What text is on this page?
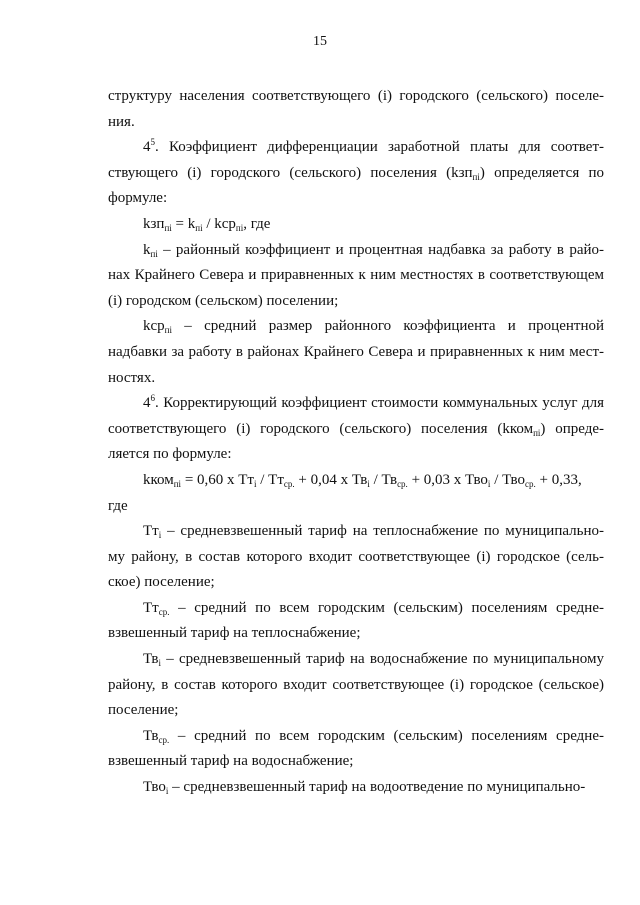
15

структуру населения соответствующего (i) городского (сельского) поселе-ния.

$4^5$. Коэффициент дифференциации заработной платы для соответ-ствующего (i) городского (сельского) поселения (kзп$_{пi}$) определяется по формуле:

$kзп_{пi} = k_{пi} / kср_{пi}$, где

$k_{пi}$ – районный коэффициент и процентная надбавка за работу в райо-нах Крайнего Севера и приравненных к ним местностях в соответствующем (i) городском (сельском) поселении;

kср$_{пi}$ – средний размер районного коэффициента и процентной надбавки за работу в районах Крайнего Севера и приравненных к ним мест-ностях.

$4^6$. Корректирующий коэффициент стоимости коммунальных услуг для соответствующего (i) городского (сельского) поселения (kком$_{пi}$) опреде-ляется по формуле:

kком$_{пi}$ = 0,60 x $Тт_i / Тт_{ср.} + 0,04$ x $Тв_i / Тв_{ср.} + 0,03$ x Тво$_i$ / Тво$_{ср.}$ + 0,33,

где

$Тт_i$ – средневзвешенный тариф на теплоснабжение по муниципально-му району, в состав которого входит соответствующее (i) городское (сель-ское) поселение;

$Тт_{ср.}$ – средний по всем городским (сельским) поселениям средне-взвешенный тариф на теплоснабжение;

$Тв_i$ – средневзвешенный тариф на водоснабжение по муниципальному району, в состав которого входит соответствующее (i) городское (сельское) поселение;

$Тв_{ср.}$ – средний по всем городским (сельским) поселениям средне-взвешенный тариф на водоснабжение;

Тво$_i$ – средневзвешенный тариф на водоотведение по муниципально-
